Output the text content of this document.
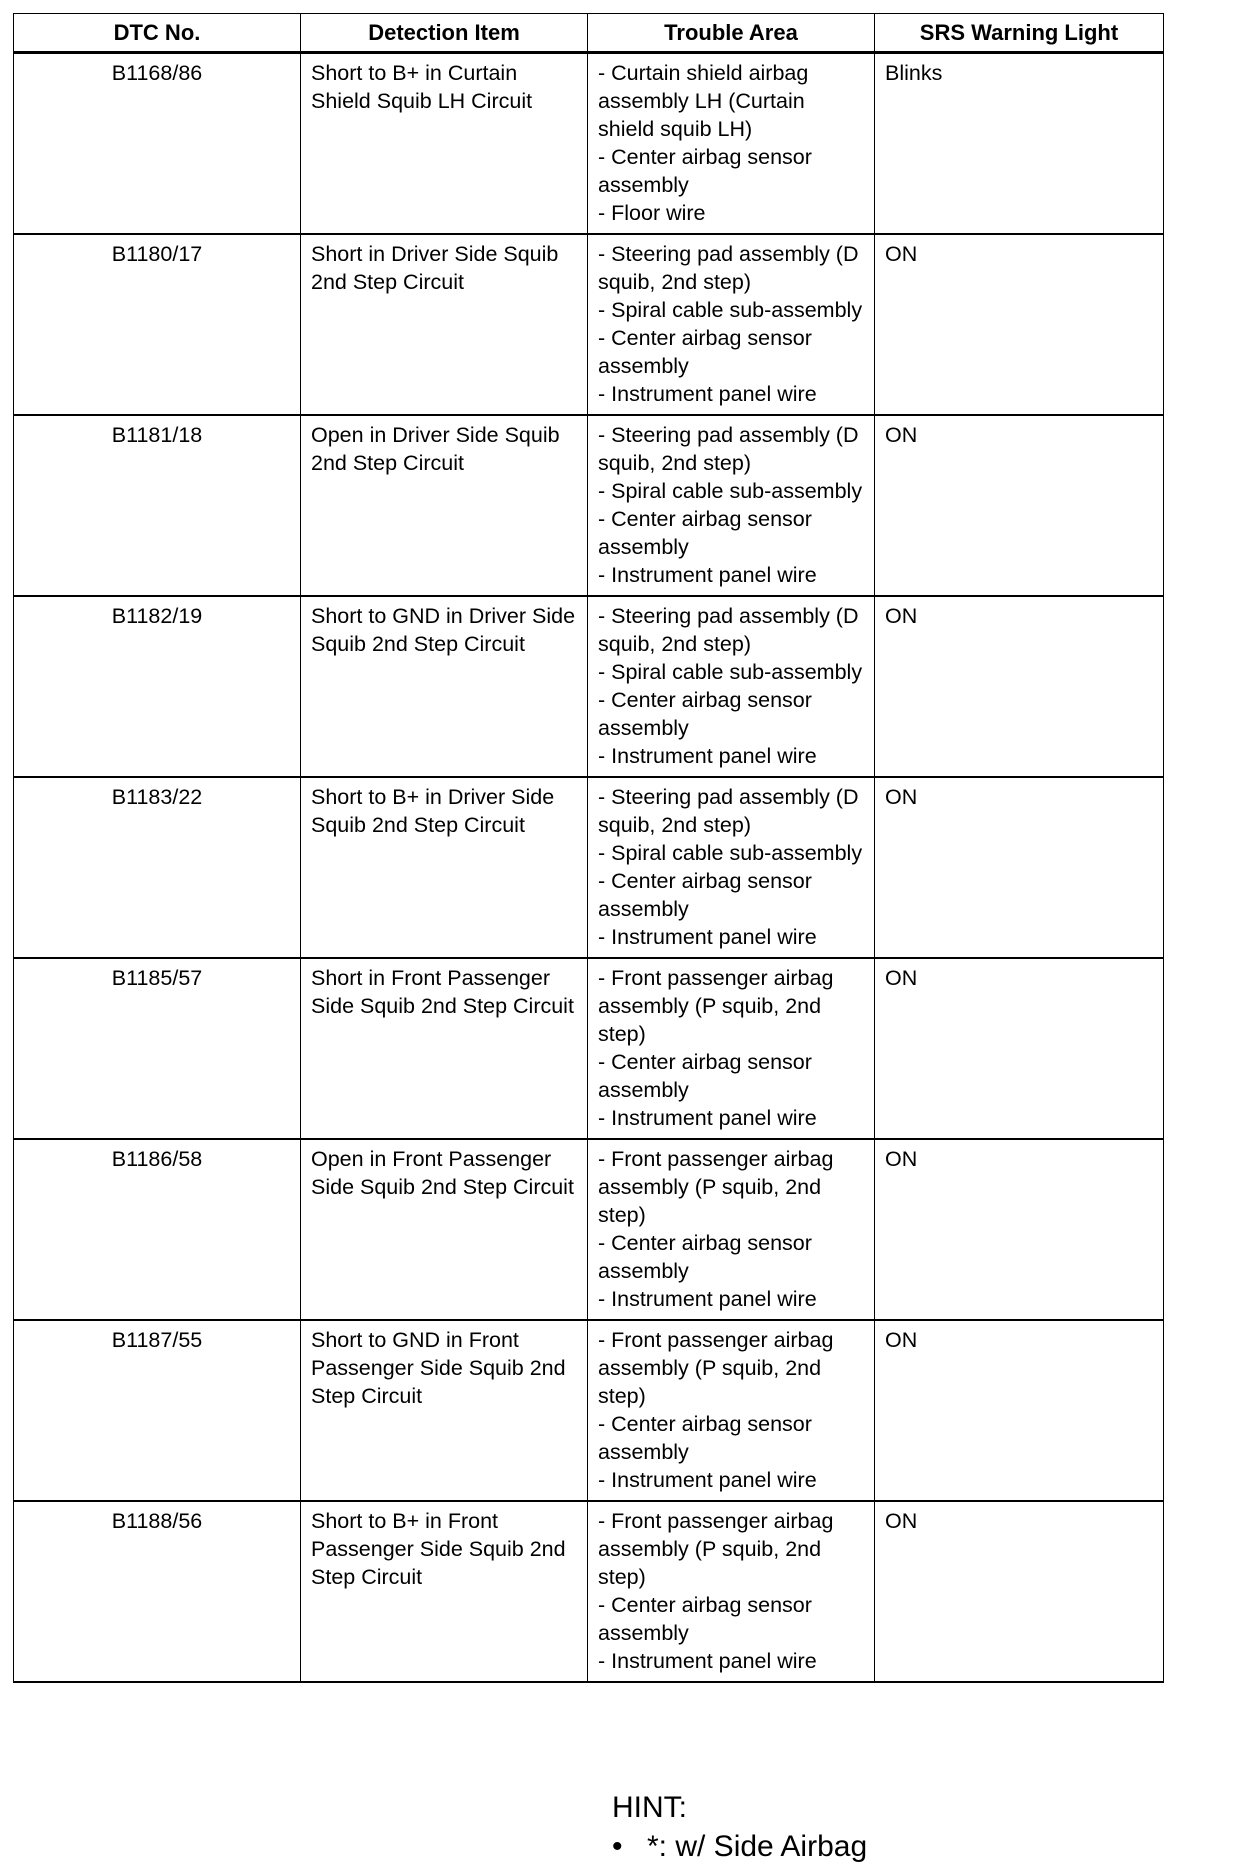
DTC No.	Detection Item	Trouble Area	SRS Warning Light
B1168/86	Short to B+ in Curtain Shield Squib LH Circuit	- Curtain shield airbag assembly LH (Curtain shield squib LH)
- Center airbag sensor assembly
- Floor wire	Blinks
B1180/17	Short in Driver Side Squib 2nd Step Circuit	- Steering pad assembly (D squib, 2nd step)
- Spiral cable sub-assembly
- Center airbag sensor assembly
- Instrument panel wire	ON
B1181/18	Open in Driver Side Squib 2nd Step Circuit	- Steering pad assembly (D squib, 2nd step)
- Spiral cable sub-assembly
- Center airbag sensor assembly
- Instrument panel wire	ON
B1182/19	Short to GND in Driver Side Squib 2nd Step Circuit	- Steering pad assembly (D squib, 2nd step)
- Spiral cable sub-assembly
- Center airbag sensor assembly
- Instrument panel wire	ON
B1183/22	Short to B+ in Driver Side Squib 2nd Step Circuit	- Steering pad assembly (D squib, 2nd step)
- Spiral cable sub-assembly
- Center airbag sensor assembly
- Instrument panel wire	ON
B1185/57	Short in Front Passenger Side Squib 2nd Step Circuit	- Front passenger airbag assembly (P squib, 2nd step)
- Center airbag sensor assembly
- Instrument panel wire	ON
B1186/58	Open in Front Passenger Side Squib 2nd Step Circuit	- Front passenger airbag assembly (P squib, 2nd step)
- Center airbag sensor assembly
- Instrument panel wire	ON
B1187/55	Short to GND in Front Passenger Side Squib 2nd Step Circuit	- Front passenger airbag assembly (P squib, 2nd step)
- Center airbag sensor assembly
- Instrument panel wire	ON
B1188/56	Short to B+ in Front Passenger Side Squib 2nd Step Circuit	- Front passenger airbag assembly (P squib, 2nd step)
- Center airbag sensor assembly
- Instrument panel wire	ON
HINT:
• *: w/ Side Airbag
